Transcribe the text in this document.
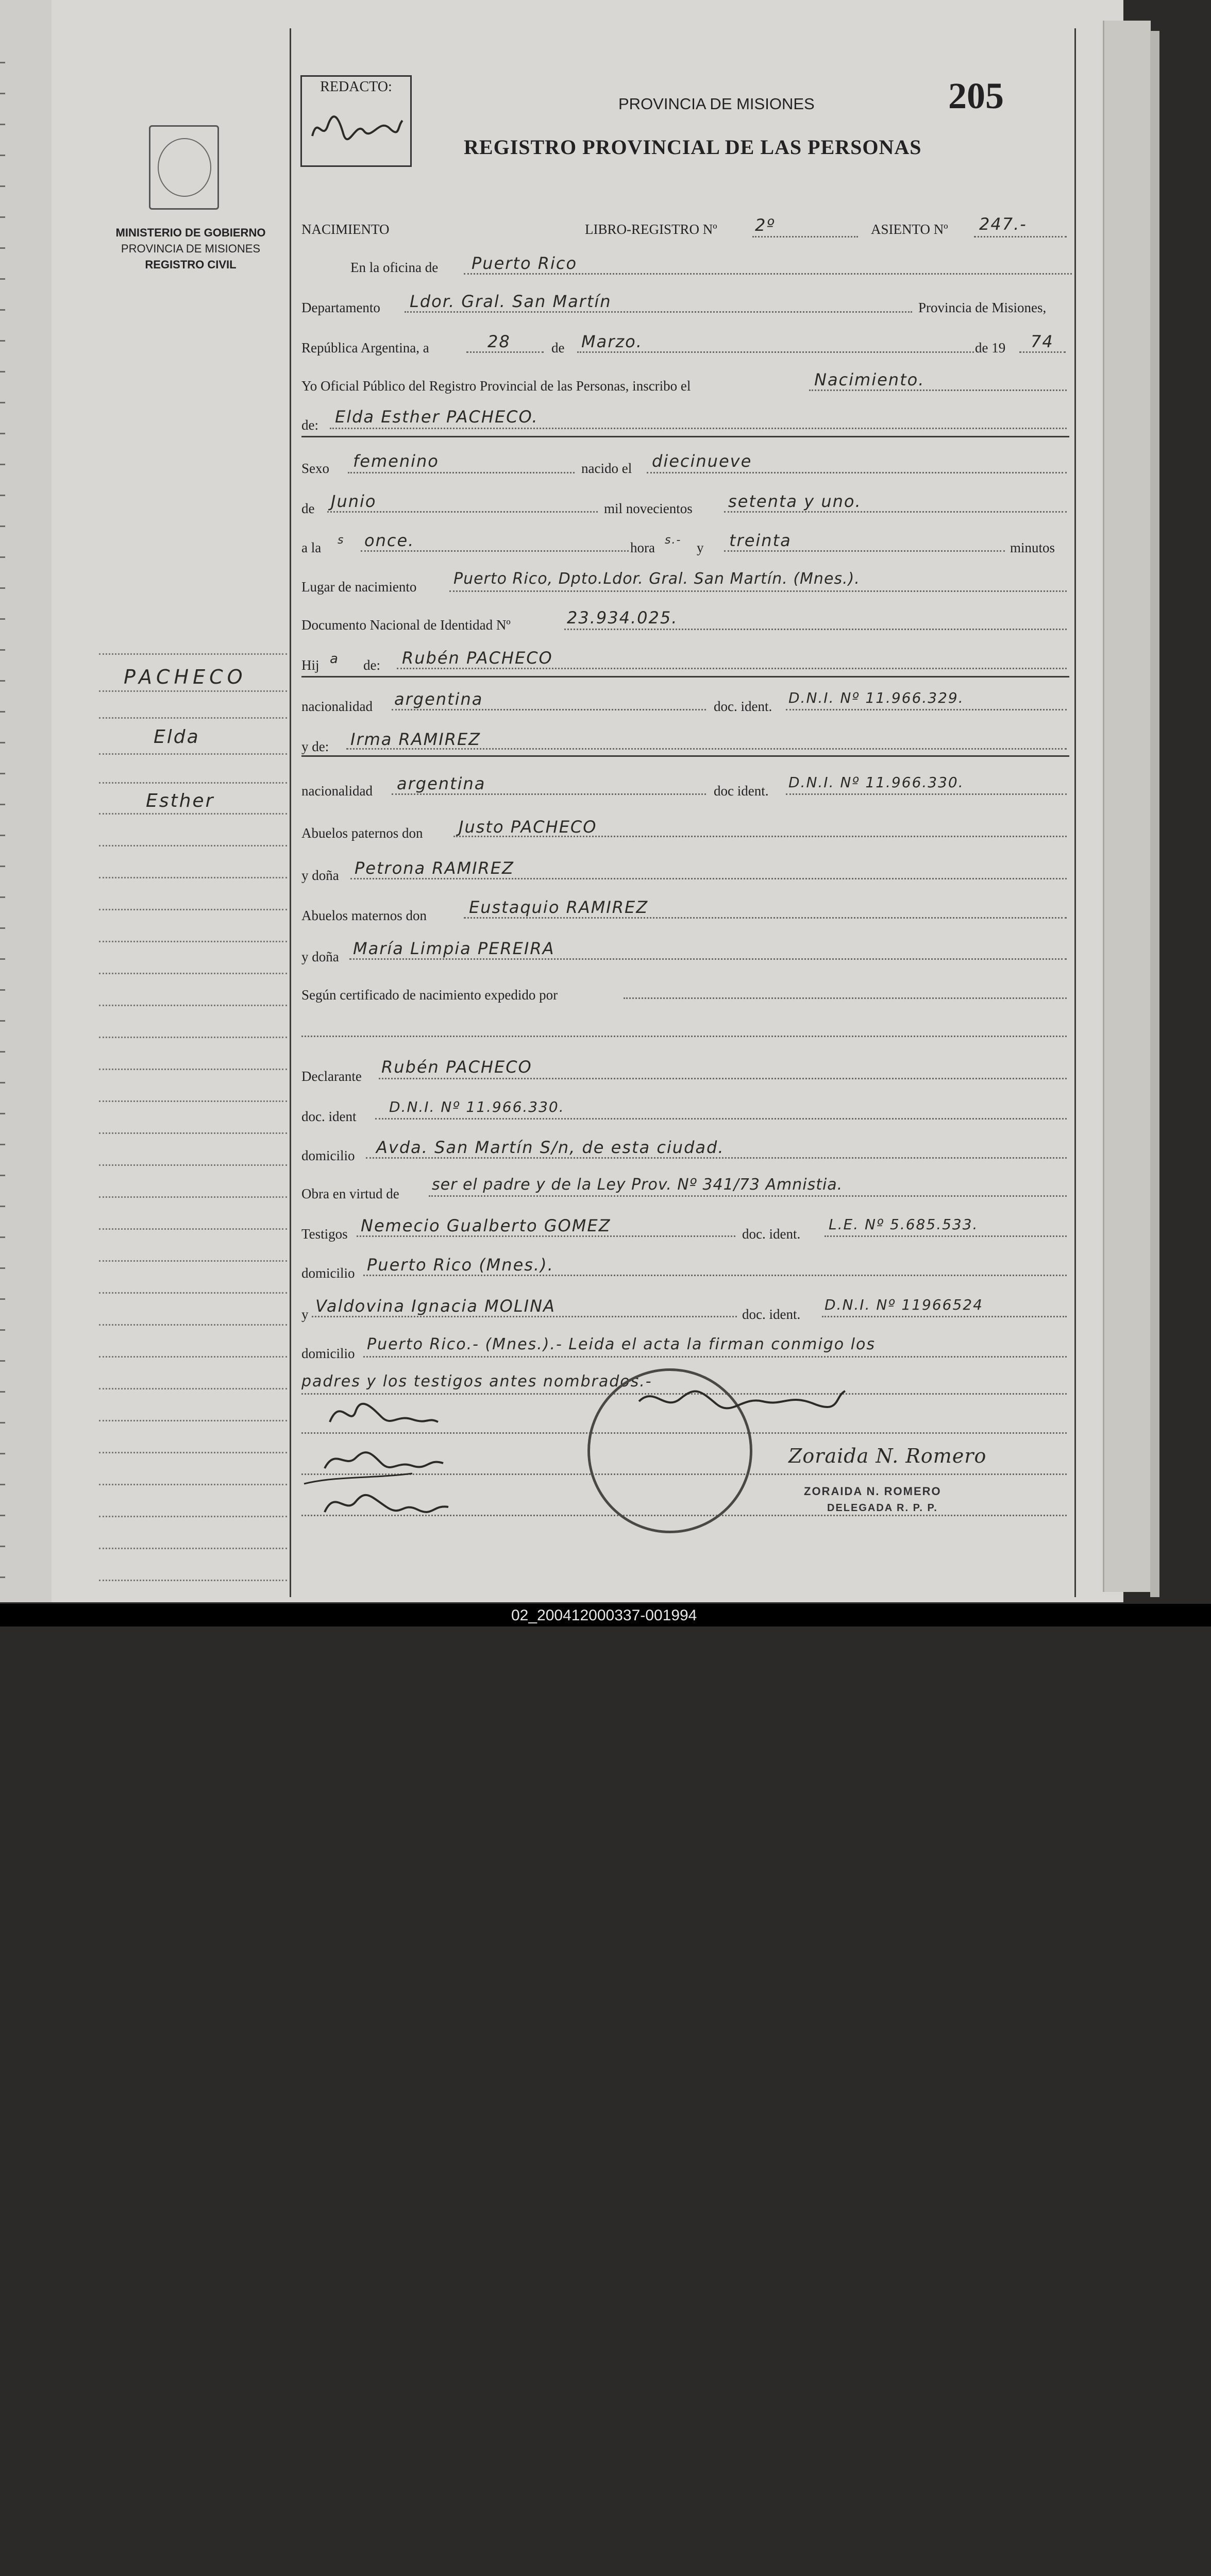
MINISTERIO DE GOBIERNO
PROVINCIA DE MISIONES
REGISTRO CIVIL
REDACTO:	205
PROVINCIA DE MISIONES
REGISTRO PROVINCIAL DE LAS PERSONAS
PACHECO
Elda
Esther
NACIMIENTO	LIBRO-REGISTRO Nº 2º	ASIENTO Nº 247.-
En la oficina de Puerto Rico
Departamento Ldor. Gral. San Martín	Provincia de Misiones,
República Argentina, a	28	de Marzo.	de 19 74
Yo Oficial Público del Registro Provincial de las Personas, inscribo el	Nacimiento.
de: Elda Esther PACHECO.
Sexo femenino	nacido el diecinueve
de Junio	mil novecientos setenta y uno.
a la s once.	hora s.- y treinta	minutos
Lugar de nacimiento Puerto Rico, Dpto.Ldor. Gral. San Martín. (Mnes.).
Documento Nacional de Identidad Nº	23.934.025.
Hij a de: Rubén PACHECO
nacionalidad argentina	doc. ident. D.N.I. Nº 11.966.329.
y de: Irma RAMIREZ
nacionalidad argentina	doc ident. D.N.I. Nº 11.966.330.
Abuelos paternos don Justo PACHECO
y doña Petrona RAMIREZ
Abuelos maternos don	Eustaquio RAMIREZ
y doña María Limpia PEREIRA
Según certificado de nacimiento expedido por
Declarante Rubén PACHECO
doc. ident
D.N.I. Nº 11.966.330.
domicilio Avda. San Martín S/n, de esta ciudad.
Obra en virtud de ser el padre y de la Ley Prov. Nº 341/73 Amnistia.
Testigos Nemecio Gualberto GOMEZ	doc. ident.
L.E. Nº 5.685.533.
domicilio Puerto Rico (Mnes.).
y Valdovina Ignacia MOLINA	doc. ident.
D.N.I. Nº 11966524
domicilio Puerto Rico.- (Mnes.).- Leida el acta la firman conmigo los
padres y los testigos antes nombrados.-
Zoraida N. Romero
ZORAIDA N. ROMERO
DELEGADA R. P. P.
02_200412000337-001994
